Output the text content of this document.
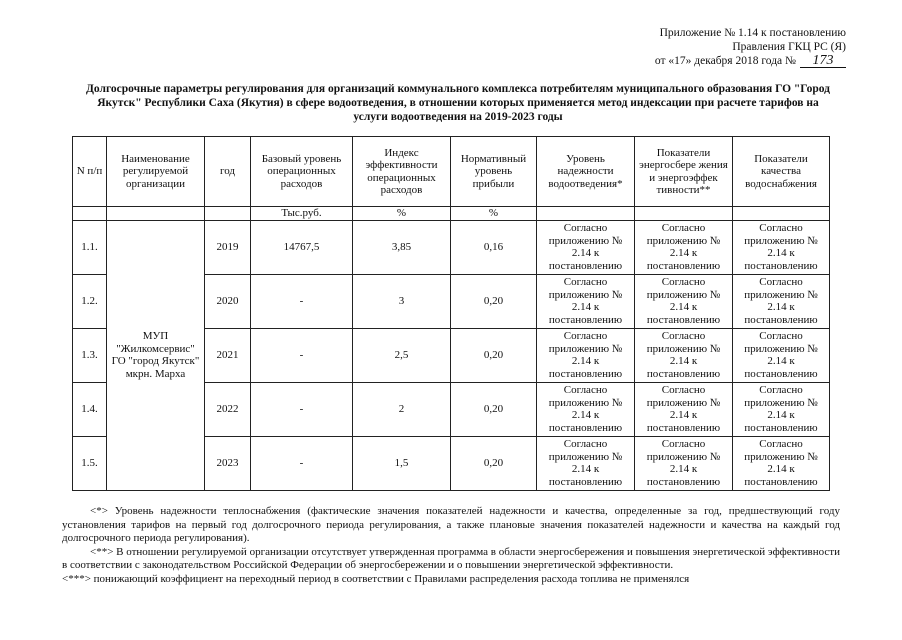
Приложение № 1.14 к постановлению
Правления ГКЦ РС (Я)
от «17» декабря 2018 года № 173
Долгосрочные параметры регулирования для организаций коммунального комплекса потребителям муниципального образования ГО "Город Якутск" Республики Саха (Якутия) в сфере водоотведения, в отношении которых применяется метод индексации при расчете тарифов на услуги водоотведения на 2019-2023 годы
N п/п	Наименование регулируемой организации	год	Базовый уровень операционных расходов	Индекс эффективности операционных расходов	Нормативный уровень прибыли	Уровень надежности водоотведения*	Показатели энергосбере жения и энергоэффек тивности**	Показатели качества водоснабжения
			Тыс.руб.	%	%			
1.1.	МУП "Жилкомсервис" ГО "город Якутск" мкрн. Марха	2019	14767,5	3,85	0,16	Согласно приложению № 2.14 к постановлению	Согласно приложению № 2.14 к постановлению	Согласно приложению № 2.14 к постановлению
1.2.		2020	-	3	0,20	Согласно приложению № 2.14 к постановлению	Согласно приложению № 2.14 к постановлению	Согласно приложению № 2.14 к постановлению
1.3.		2021	-	2,5	0,20	Согласно приложению № 2.14 к постановлению	Согласно приложению № 2.14 к постановлению	Согласно приложению № 2.14 к постановлению
1.4.		2022	-	2	0,20	Согласно приложению № 2.14 к постановлению	Согласно приложению № 2.14 к постановлению	Согласно приложению № 2.14 к постановлению
1.5.		2023	-	1,5	0,20	Согласно приложению № 2.14 к постановлению	Согласно приложению № 2.14 к постановлению	Согласно приложению № 2.14 к постановлению

<*> Уровень надежности теплоснабжения (фактические значения показателей надежности и качества, определенные за год, предшествующий году установления тарифов на первый год долгосрочного периода регулирования, а также плановые значения показателей надежности и качества на каждый год долгосрочного периода регулирования).

<**> В отношении регулируемой организации отсутствует утвержденная программа в области энергосбережения и повышения энергетической эффективности в соответствии с законодательством Российской Федерации об энергосбережении и о повышении энергетической эффективности.

<***> понижающий коэффициент на переходный период в соответствии с Правилами распределения расхода топлива не применялся
